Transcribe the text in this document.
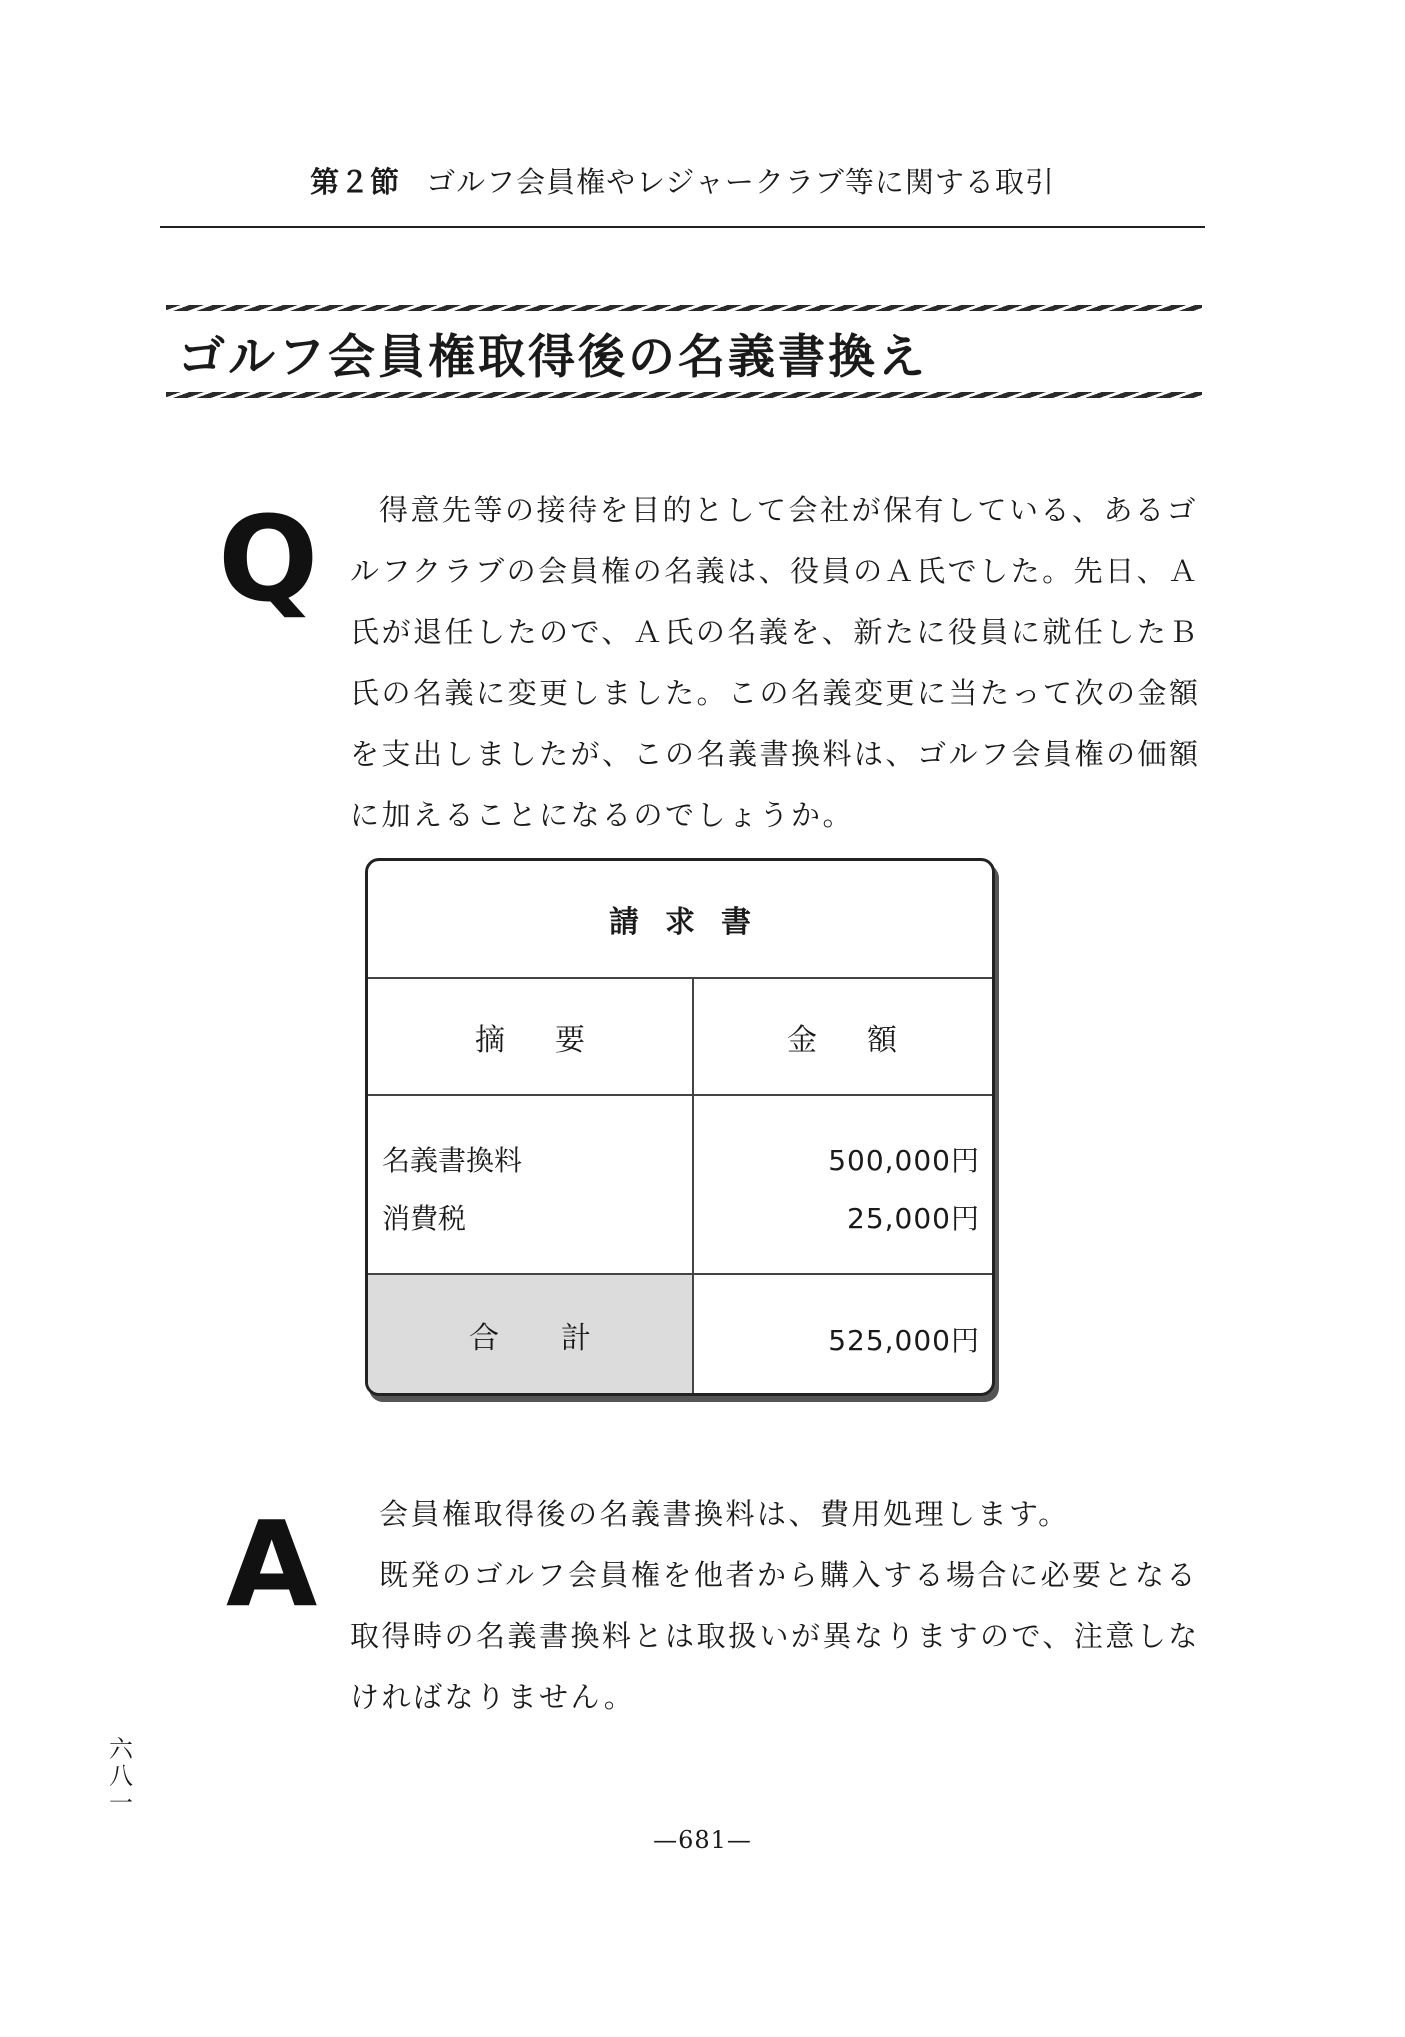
第２節 ゴルフ会員権やレジャークラブ等に関する取引
ゴルフ会員権取得後の名義書換え
Q	得意先等の接待を目的として会社が保有している、あるゴルフクラブの会員権の名義は、役員のＡ氏でした。先日、Ａ氏が退任したので、Ａ氏の名義を、新たに役員に就任したＢ氏の名義に変更しました。この名義変更に当たって次の金額を支出しましたが、この名義書換料は、ゴルフ会員権の価額に加えることになるのでしょうか。

請求書
摘要	金額
名義書換料	500,000円
消費税	25,000円
合計	525,000円
A	会員権取得後の名義書換料は、費用処理します。

既発のゴルフ会員権を他者から購入する場合に必要となる取得時の名義書換料とは取扱いが異なりますので、注意しなければなりません。

六
八
一
—681—
